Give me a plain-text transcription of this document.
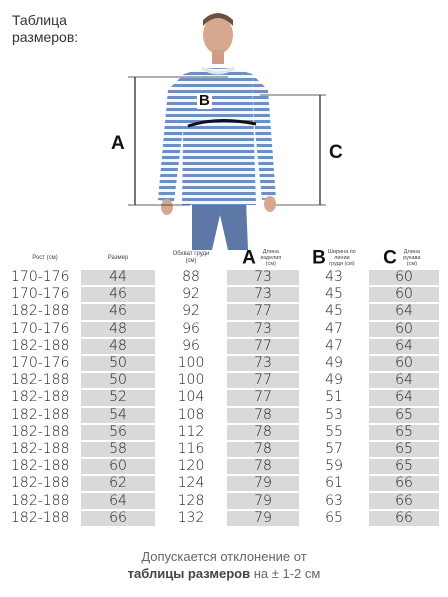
Таблица
размеров:
A
B
C
Рост (см)	Размер	Обхват груди (см)	A Длина изделия (см)	B Ширина по линии груди (см)	C Длина рукава (см)
170-176	44	88	73	43	60
170-176	46	92	73	45	60
182-188	46	92	77	45	64
170-176	48	96	73	47	60
182-188	48	96	77	47	64
170-176	50	100	73	49	60
182-188	50	100	77	49	64
182-188	52	104	77	51	64
182-188	54	108	78	53	65
182-188	56	112	78	55	65
182-188	58	116	78	57	65
182-188	60	120	78	59	65
182-188	62	124	79	61	66
182-188	64	128	79	63	66
182-188	66	132	79	65	66
Допускается отклонение от
таблицы размеров на ± 1-2 см
